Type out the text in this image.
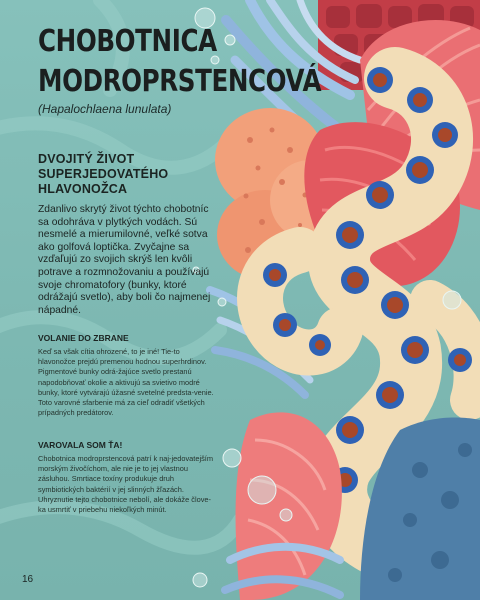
CHOBOTNICA
MODROPRSTENCOVÁ
(Hapalochlaena lunulata)
DVOJITÝ ŽIVOT SUPERJEDOVATÉHO HLAVONOŽCA

Zdanlivo skrytý život týchto chobotníc sa odohráva v plytkých vodách. Sú nesmelé a mierumilovné, veľké sotva ako golfová loptička. Zvyčajne sa vzďaľujú zo svojich skrýš len kvôli potrave a rozmnožovaniu a používajú svoje chromatofory (bunky, ktoré odrážajú svetlo), aby boli čo najmenej nápadné.

VOLANIE DO ZBRANE

Keď sa však cítia ohrozené, to je iné! Tie-to hlavonožce prejdú premenou hodnou superhrdinov. Pigmentové bunky odrá-žajúce svetlo prestanú napodobňovať okolie a aktivujú sa svietivo modré bunky, ktoré vytvárajú úžasné svetelné predsta-venie. Toto varovné sfarbenie má za cieľ odradiť všetkých prípadných predátorov.

VAROVALA SOM ŤA!

Chobotnica modroprstencová patrí k naj-jedovatejším morským živočíchom, ale nie je to jej vlastnou zásluhou. Smrtiace toxíny produkuje druh symbiotických baktérií v jej slinných žľazách. Uhryznutie tejto chobotnice nebolí, ale dokáže člove-ka usmrtiť v priebehu niekoľkých minút.

16
